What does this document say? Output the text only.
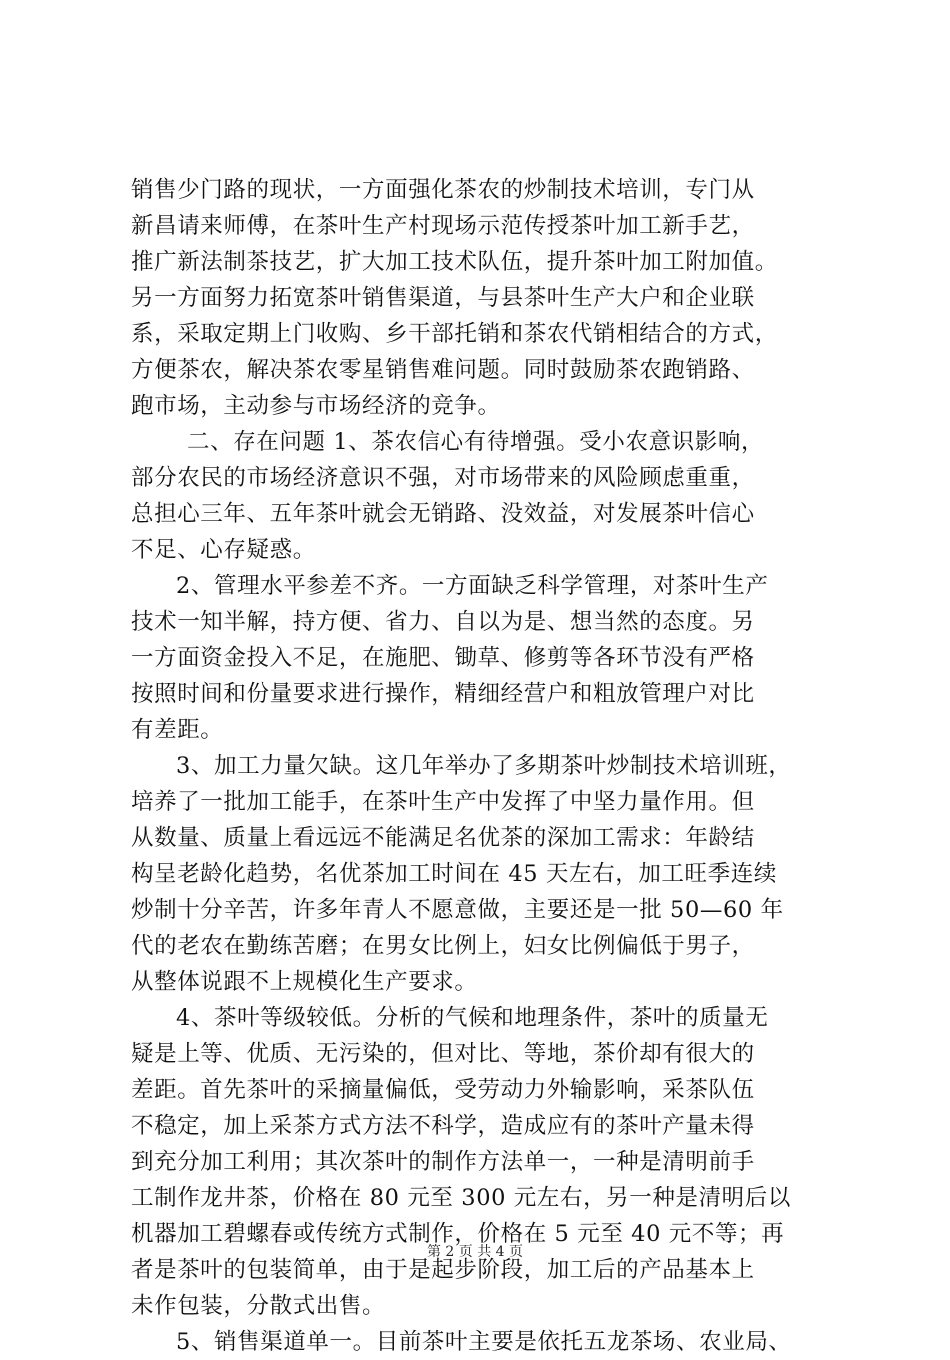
销售少门路的现状，一方面强化茶农的炒制技术培训，专门从
新昌请来师傅，在茶叶生产村现场示范传授茶叶加工新手艺，
推广新法制茶技艺，扩大加工技术队伍，提升茶叶加工附加值。
另一方面努力拓宽茶叶销售渠道，与县茶叶生产大户和企业联
系，采取定期上门收购、乡干部托销和茶农代销相结合的方式，
方便茶农，解决茶农零星销售难问题。同时鼓励茶农跑销路、
跑市场，主动参与市场经济的竞争。
二、存在问题 1、茶农信心有待增强。受小农意识影响，
部分农民的市场经济意识不强，对市场带来的风险顾虑重重，
总担心三年、五年茶叶就会无销路、没效益，对发展茶叶信心
不足、心存疑惑。
2、管理水平参差不齐。一方面缺乏科学管理，对茶叶生产
技术一知半解，持方便、省力、自以为是、想当然的态度。另
一方面资金投入不足，在施肥、锄草、修剪等各环节没有严格
按照时间和份量要求进行操作，精细经营户和粗放管理户对比
有差距。
3、加工力量欠缺。这几年举办了多期茶叶炒制技术培训班，
培养了一批加工能手，在茶叶生产中发挥了中坚力量作用。但
从数量、质量上看远远不能满足名优茶的深加工需求：年龄结
构呈老龄化趋势，名优茶加工时间在 45 天左右，加工旺季连续
炒制十分辛苦，许多年青人不愿意做，主要还是一批 50—60 年
代的老农在勤练苦磨；在男女比例上，妇女比例偏低于男子，
从整体说跟不上规模化生产要求。
4、茶叶等级较低。分析的气候和地理条件，茶叶的质量无
疑是上等、优质、无污染的，但对比、等地，茶价却有很大的
差距。首先茶叶的采摘量偏低，受劳动力外输影响，采茶队伍
不稳定，加上采茶方式方法不科学，造成应有的茶叶产量未得
到充分加工利用；其次茶叶的制作方法单一，一种是清明前手
工制作龙井茶，价格在 80 元至 300 元左右，另一种是清明后以
机器加工碧螺春或传统方式制作，价格在 5 元至 40 元不等；再
者是茶叶的包装简单，由于是起步阶段，加工后的产品基本上
未作包装，分散式出售。
5、销售渠道单一。目前茶叶主要是依托五龙茶场、农业局、
第 2 页 共 4 页
